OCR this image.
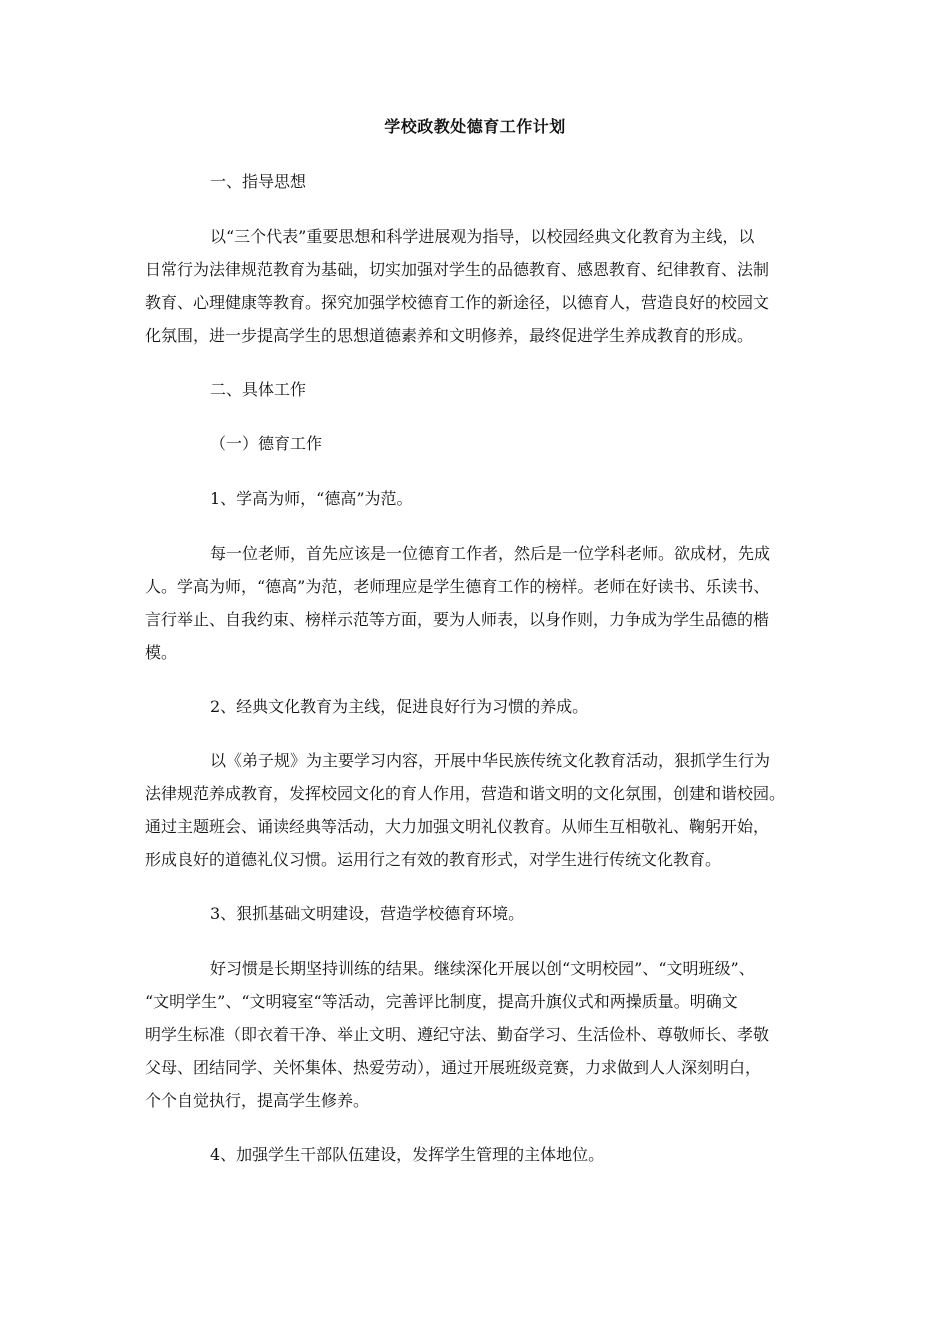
学校政教处德育工作计划
一、指导思想
以“三个代表”重要思想和科学进展观为指导，以校园经典文化教育为主线，以
日常行为法律规范教育为基础，切实加强对学生的品德教育、感恩教育、纪律教育、法制
教育、心理健康等教育。探究加强学校德育工作的新途径，以德育人，营造良好的校园文
化氛围，进一步提高学生的思想道德素养和文明修养，最终促进学生养成教育的形成。
二、具体工作
（一）德育工作
1、学高为师，“德高”为范。
每一位老师，首先应该是一位德育工作者，然后是一位学科老师。欲成材，先成
人。学高为师，“德高”为范，老师理应是学生德育工作的榜样。老师在好读书、乐读书、
言行举止、自我约束、榜样示范等方面，要为人师表，以身作则，力争成为学生品德的楷
模。
2、经典文化教育为主线，促进良好行为习惯的养成。
以《弟子规》为主要学习内容，开展中华民族传统文化教育活动，狠抓学生行为
法律规范养成教育，发挥校园文化的育人作用，营造和谐文明的文化氛围，创建和谐校园。
通过主题班会、诵读经典等活动，大力加强文明礼仪教育。从师生互相敬礼、鞠躬开始，
形成良好的道德礼仪习惯。运用行之有效的教育形式，对学生进行传统文化教育。
3、狠抓基础文明建设，营造学校德育环境。
好习惯是长期坚持训练的结果。继续深化开展以创“文明校园”、“文明班级”、
“文明学生”、“文明寝室“等活动，完善评比制度，提高升旗仪式和两操质量。明确文
明学生标准（即衣着干净、举止文明、遵纪守法、勤奋学习、生活俭朴、尊敬师长、孝敬
父母、团结同学、关怀集体、热爱劳动），通过开展班级竞赛，力求做到人人深刻明白，
个个自觉执行，提高学生修养。
4、加强学生干部队伍建设，发挥学生管理的主体地位。
